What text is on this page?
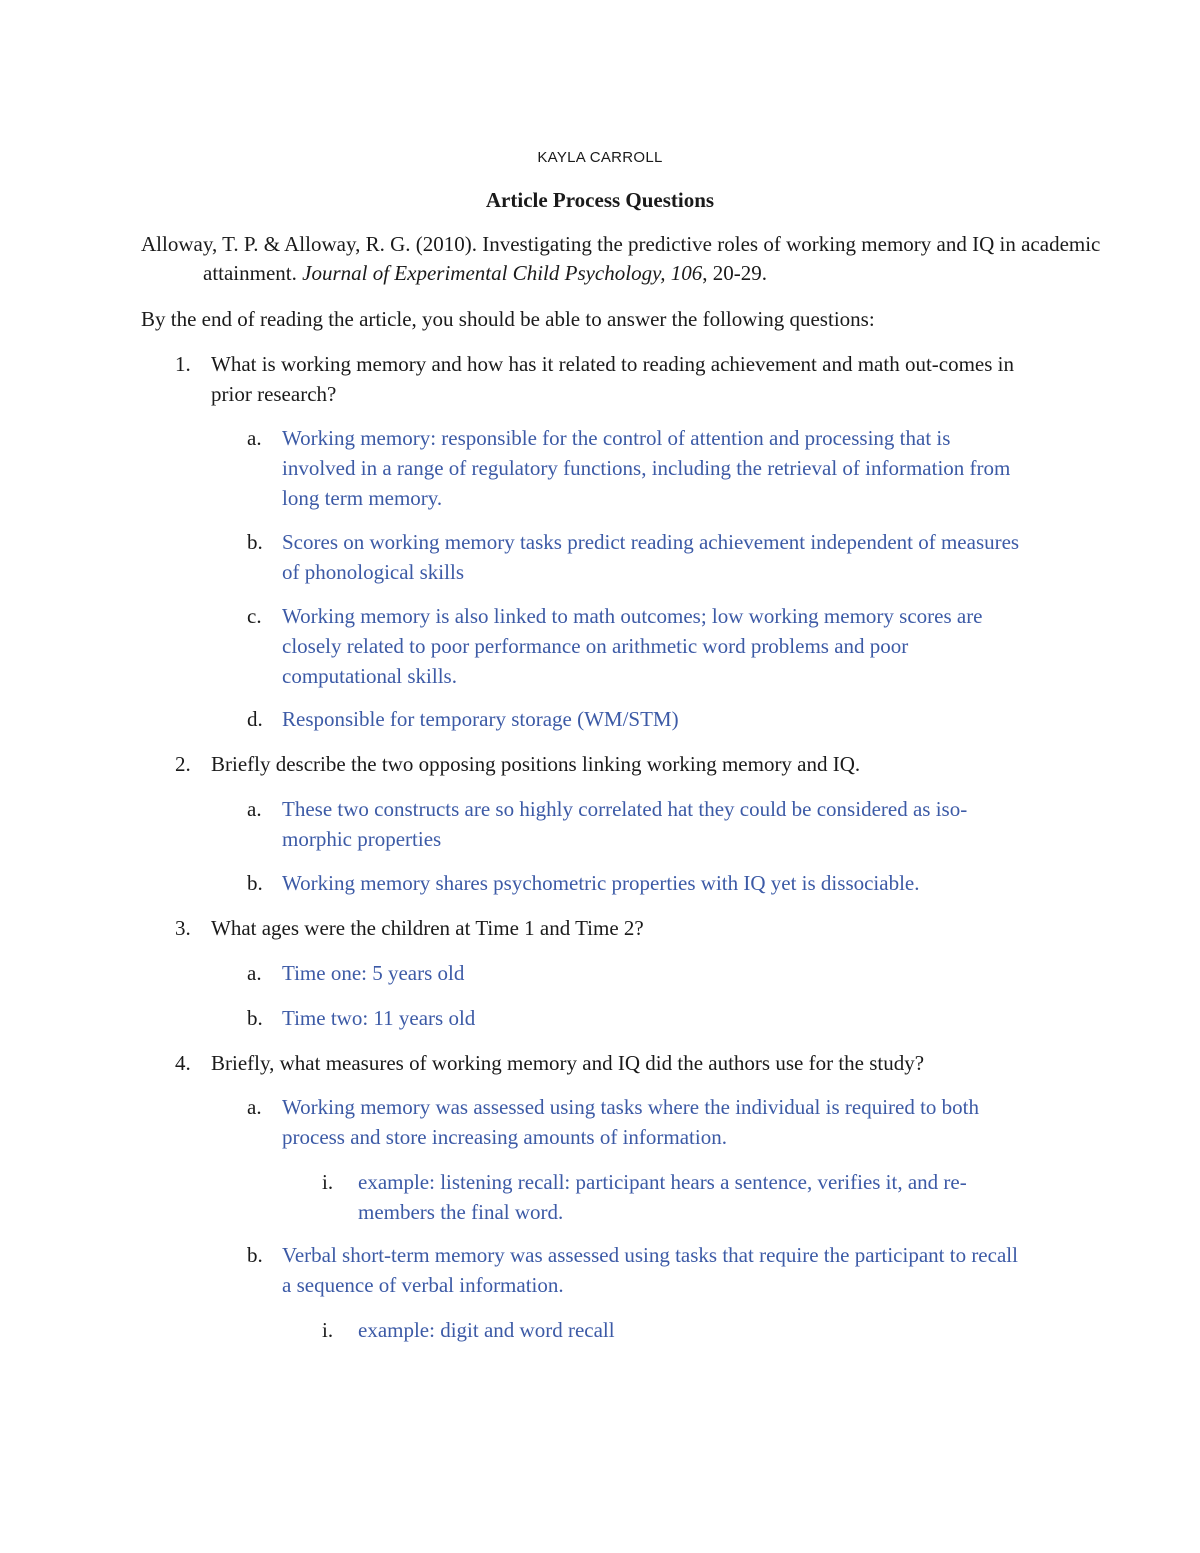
KAYLA CARROLL
Article Process Questions
Alloway, T. P. & Alloway, R. G. (2010). Investigating the predictive roles of working memory and IQ in academic attainment. Journal of Experimental Child Psychology, 106, 20-29.
By the end of reading the article, you should be able to answer the following questions:
1. What is working memory and how has it related to reading achievement and math out-comes in prior research?
a. Working memory: responsible for the control of attention and processing that is involved in a range of regulatory functions, including the retrieval of information from long term memory.
b. Scores on working memory tasks predict reading achievement independent of measures of phonological skills
c. Working memory is also linked to math outcomes; low working memory scores are closely related to poor performance on arithmetic word problems and poor computational skills.
d. Responsible for temporary storage (WM/STM)
2. Briefly describe the two opposing positions linking working memory and IQ.
a. These two constructs are so highly correlated hat they could be considered as iso-morphic properties
b. Working memory shares psychometric properties with IQ yet is dissociable.
3. What ages were the children at Time 1 and Time 2?
a. Time one: 5 years old
b. Time two: 11 years old
4. Briefly, what measures of working memory and IQ did the authors use for the study?
a. Working memory was assessed using tasks where the individual is required to both process and store increasing amounts of information.
i. example: listening recall: participant hears a sentence, verifies it, and re-members the final word.
b. Verbal short-term memory was assessed using tasks that require the participant to recall a sequence of verbal information.
i. example: digit and word recall
